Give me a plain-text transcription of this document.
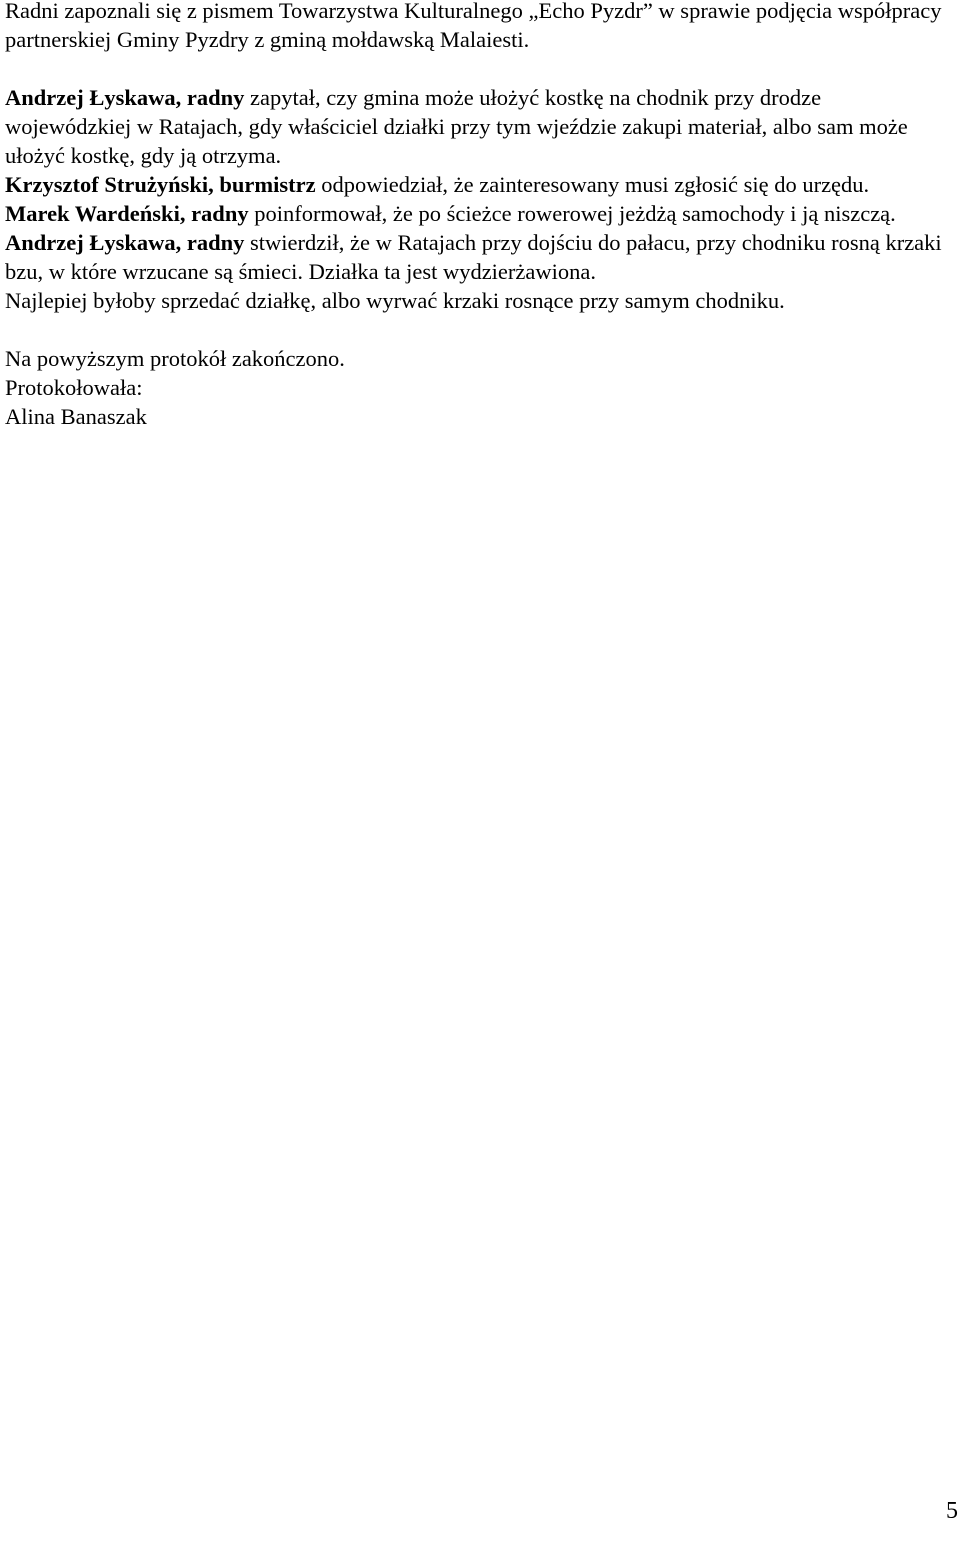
Radni zapoznali się z pismem Towarzystwa Kulturalnego „Echo Pyzdr” w sprawie podjęcia współpracy partnerskiej Gminy Pyzdry z gminą mołdawską Malaiesti.

Andrzej Łyskawa, radny zapytał, czy gmina może ułożyć kostkę na chodnik przy drodze wojewódzkiej w Ratajach, gdy właściciel działki przy tym wjeździe zakupi materiał, albo sam może ułożyć kostkę, gdy ją otrzyma.

Krzysztof Strużyński, burmistrz odpowiedział, że zainteresowany musi zgłosić się do urzędu.

Marek Wardeński, radny poinformował, że po ścieżce rowerowej jeżdżą samochody i ją niszczą.

Andrzej Łyskawa, radny stwierdził, że w Ratajach przy dojściu do pałacu, przy chodniku rosną krzaki bzu, w które wrzucane są śmieci. Działka ta jest wydzierżawiona.

Najlepiej byłoby sprzedać działkę, albo wyrwać krzaki rosnące przy samym chodniku.

Na powyższym protokół zakończono.

Protokołowała:

Alina Banaszak

5
